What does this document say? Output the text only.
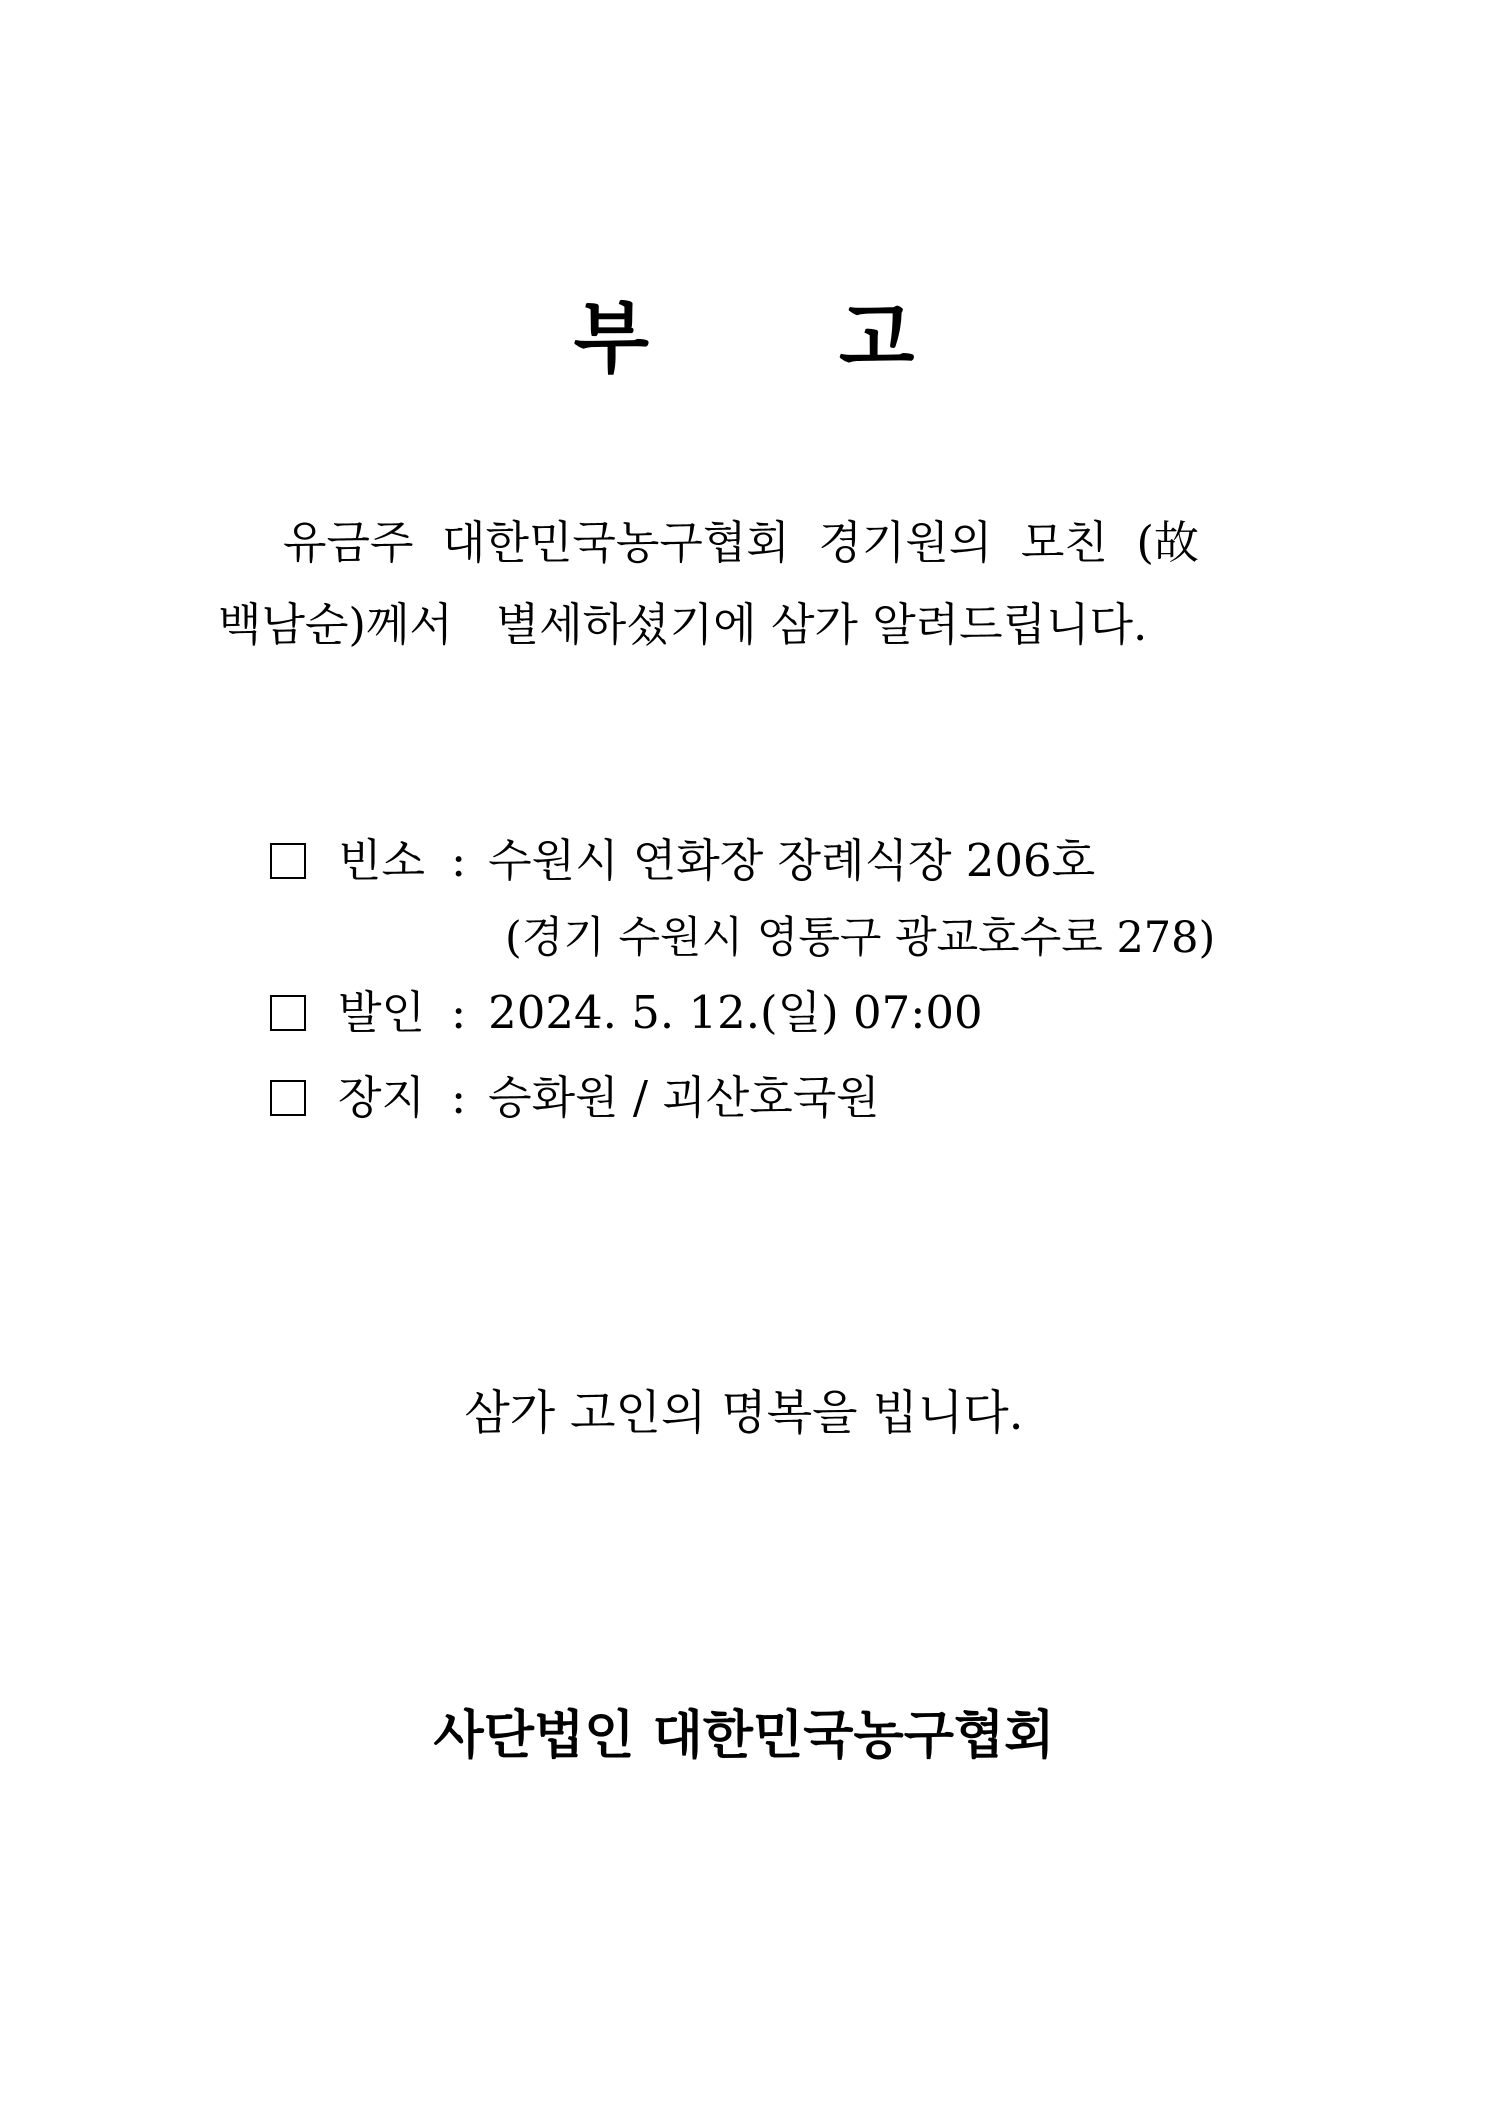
부       고
유금주  대한민국농구협회  경기원의  모친  (故
백남순)께서   별세하셨기에 삼가 알려드립니다.
빈소 : 수원시 연화장 장례식장 206호
(경기 수원시 영통구 광교호수로 278)
발인 : 2024. 5. 12.(일) 07:00
장지 : 승화원 / 괴산호국원
삼가 고인의 명복을 빕니다.
사단법인 대한민국농구협회
